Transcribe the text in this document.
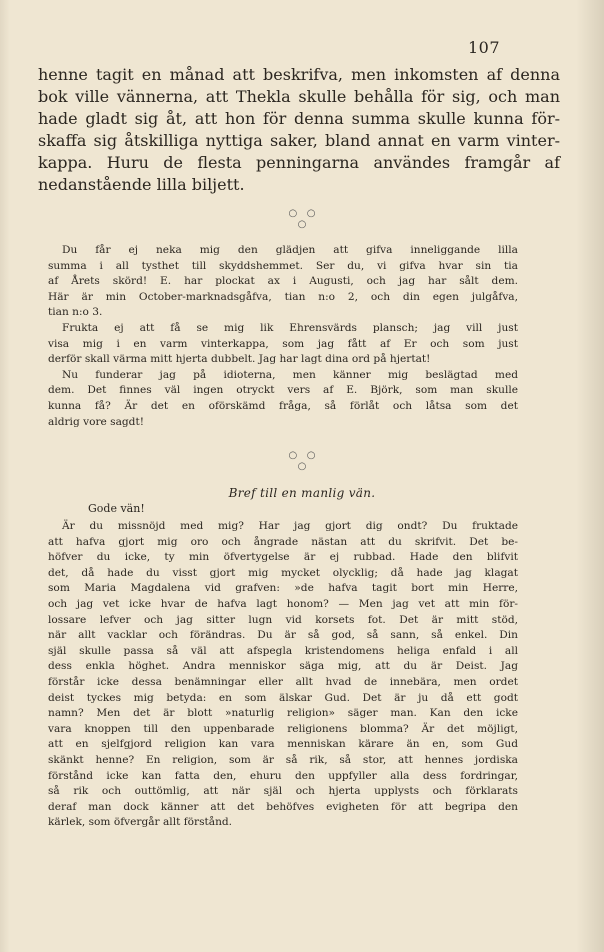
107
henne tagit en månad att beskrifva, men inkomsten af denna
bok ville vännerna, att Thekla skulle behålla för sig, och man
hade gladt sig åt, att hon för denna summa skulle kunna för-
skaffa sig åtskilliga nyttiga saker, bland annat en varm vinter-
kappa. Huru de flesta penningarna användes framgår af
nedanstående lilla biljett.
○   ○
○
Du får ej neka mig den glädjen att gifva inneliggande lilla
summa i all tysthet till skyddshemmet. Ser du, vi gifva hvar sin tia
af Årets skörd! E. har plockat ax i Augusti, och jag har sålt dem.
Här är min October-marknadsgåfva, tian n:o 2, och din egen julgåfva,
tian n:o 3.
Frukta ej att få se mig lik Ehrensvärds plansch; jag vill just
visa mig i en varm vinterkappa, som jag fått af Er och som just
derför skall värma mitt hjerta dubbelt. Jag har lagt dina ord på hjertat!
Nu funderar jag på idioterna, men känner mig beslägtad med
dem. Det finnes väl ingen otryckt vers af E. Björk, som man skulle
kunna få? Är det en oförskämd fråga, så förlåt och låtsa som det
aldrig vore sagdt!
○   ○
○
Bref till en manlig vän.
Gode vän!
Är du missnöjd med mig? Har jag gjort dig ondt? Du fruktade
att hafva gjort mig oro och ångrade nästan att du skrifvit. Det be-
höfver du icke, ty min öfvertygelse är ej rubbad. Hade den blifvit
det, då hade du visst gjort mig mycket olycklig; då hade jag klagat
som Maria Magdalena vid grafven: »de hafva tagit bort min Herre,
och jag vet icke hvar de hafva lagt honom? — Men jag vet att min för-
lossare lefver och jag sitter lugn vid korsets fot. Det är mitt stöd,
när allt vacklar och förändras. Du är så god, så sann, så enkel. Din
själ skulle passa så väl att afspegla kristendomens heliga enfald i all
dess enkla höghet. Andra menniskor säga mig, att du är Deist. Jag
förstår icke dessa benämningar eller allt hvad de innebära, men ordet
deist tyckes mig betyda: en som älskar Gud. Det är ju då ett godt
namn? Men det är blott »naturlig religion» säger man. Kan den icke
vara knoppen till den uppenbarade religionens blomma? Är det möjligt,
att en sjelfgjord religion kan vara menniskan kärare än en, som Gud
skänkt henne? En religion, som är så rik, så stor, att hennes jordiska
förstånd icke kan fatta den, ehuru den uppfyller alla dess fordringar,
så rik och outtömlig, att när själ och hjerta upplysts och förklarats
deraf man dock känner att det behöfves evigheten för att begripa den
kärlek, som öfvergår allt förstånd.
